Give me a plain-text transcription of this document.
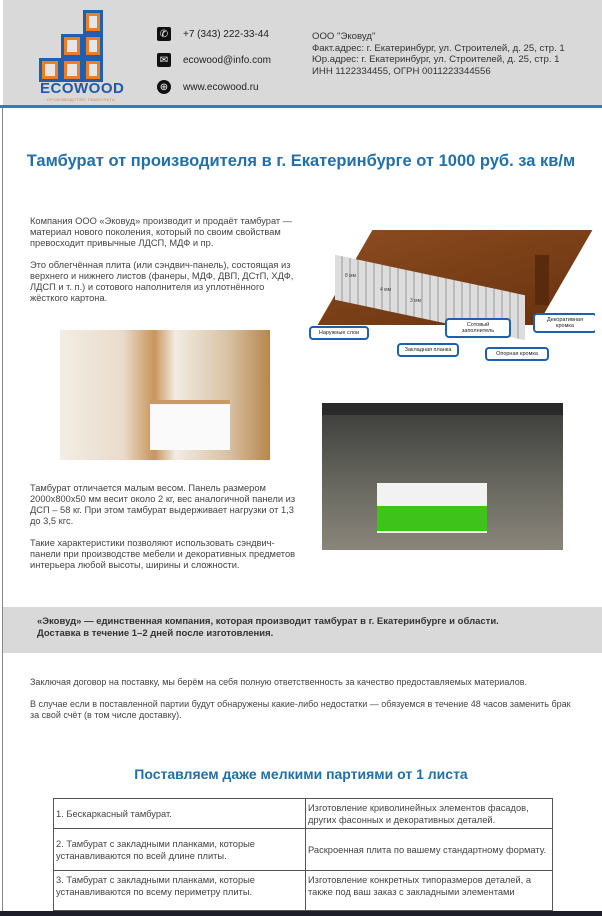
ECOWOOD
ПРОИЗВОДСТВО ТАМБУРАТА
✆ +7 (343) 222-33-44
✉ ecowood@info.com
⊕ www.ecowood.ru
ООО "Эковуд"
Факт.адрес: г. Екатеринбург, ул. Строителей, д. 25, стр. 1
Юр.адрес: г. Екатеринбург, ул. Строителей, д. 25, стр. 1
ИНН 1122334455, ОГРН 0011223344556
Тамбурат от производителя в г. Екатеринбурге от 1000 руб. за кв/м

Компания ООО «Эковуд» производит и продаёт тамбурат — материал нового поколения, который по своим свойствам превосходит привычные ЛДСП, МДФ и пр.

Это облегчённая плита (или сэндвич-панель), состоящая из верхнего и нижнего листов (фанеры, МДФ, ДВП, ДСтП, ХДФ, ЛДСП и т. п.) и сотового наполнителя из уплотнённого жёсткого картона.

Наружные слои
Закладная планка
Сотовый заполнитель
Опорная кромка
Декоративная кромка
8 мм
4 мм
3 мм

Тамбурат отличается малым весом. Панель размером 2000х800х50 мм весит около 2 кг, вес аналогичной панели из ДСП – 58 кг. При этом тамбурат выдерживает нагрузки от 1,3 до 3,5 кгс.

Такие характеристики позволяют использовать сэндвич-панели при производстве мебели и декоративных предметов интерьера любой высоты, ширины и сложности.

«Эковуд» — единственная компания, которая производит тамбурат в г. Екатеринбурге и области.
Доставка в течение 1–2 дней после изготовления.

Заключая договор на поставку, мы берём на себя полную ответственность за качество предоставляемых материалов.

В случае если в поставленной партии будут обнаружены какие-либо недостатки — обязуемся в течение 48 часов заменить брак за свой счёт (в том числе доставку).

Поставляем даже мелкими партиями от 1 листа
1. Бескаркасный тамбурат.	Изготовление криволинейных элементов фасадов, других фасонных и декоративных деталей.
2. Тамбурат с закладными планками, которые устанавливаются по всей длине плиты.	Раскроенная плита по вашему стандартному формату.
3. Тамбурат с закладными планками, которые устанавливаются по всему периметру плиты.	Изготовление конкретных типоразмеров деталей, а также под ваш заказ с закладными элементами
